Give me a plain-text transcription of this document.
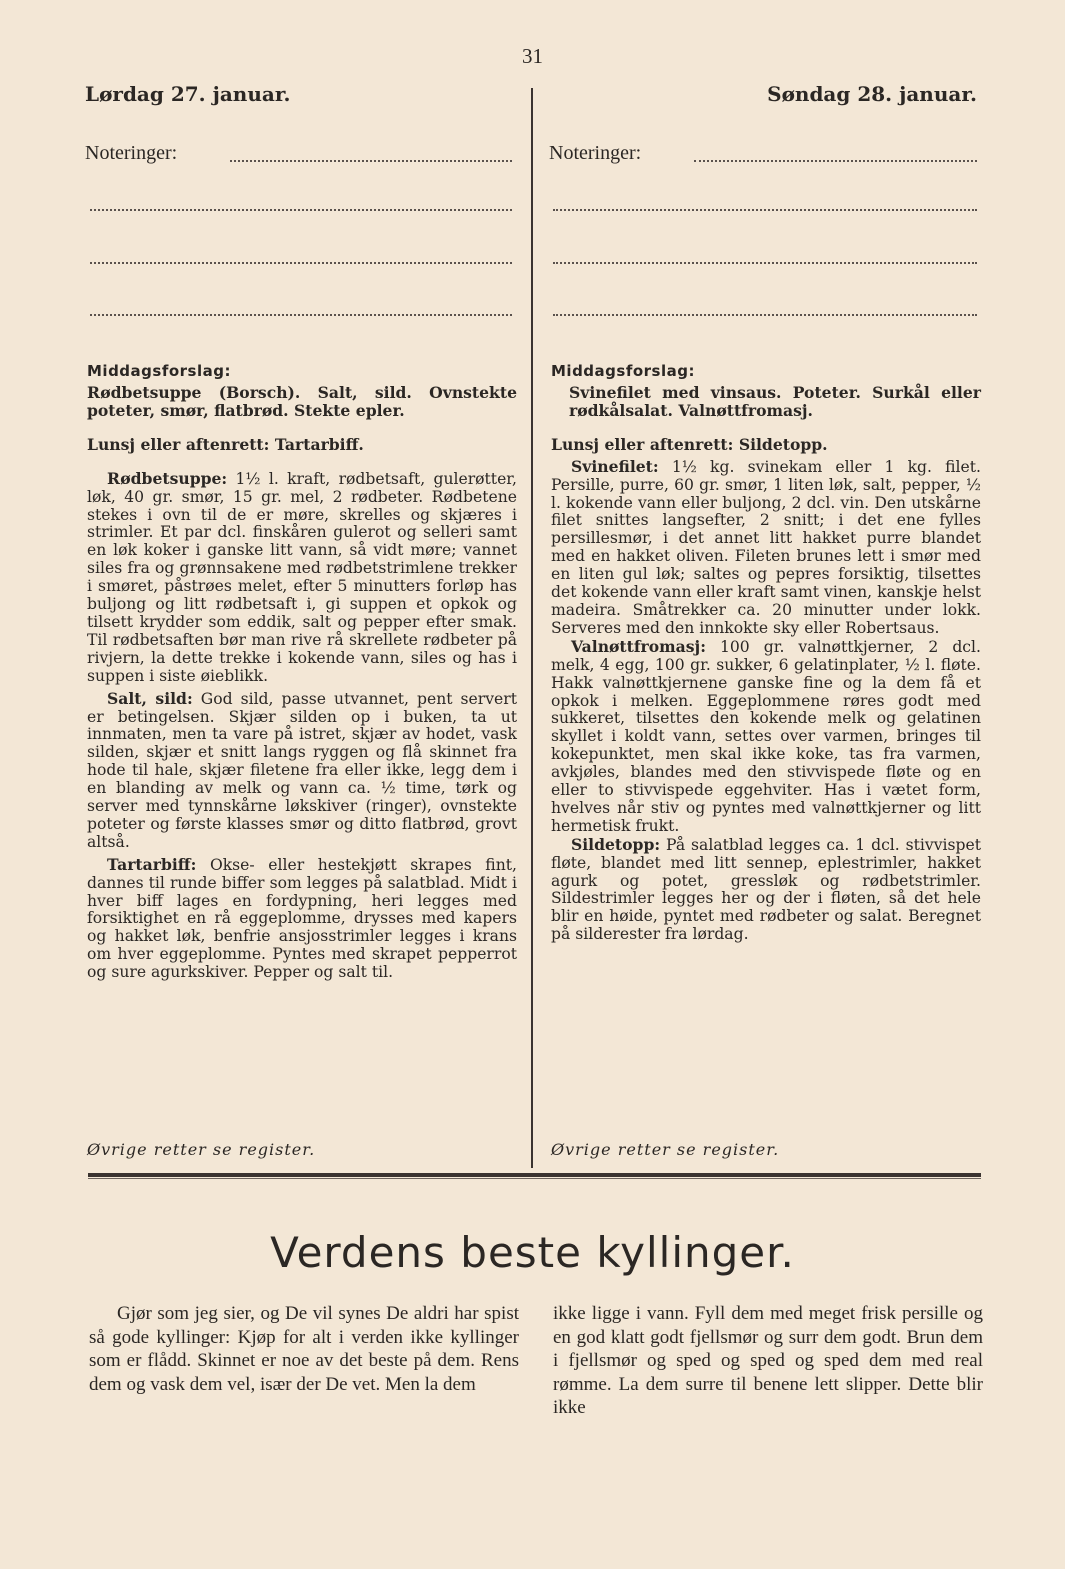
31
Lørdag 27. januar.	Søndag 28. januar.
Noteringer:	Noteringer:
Middagsforslag:

Rødbetsuppe (Borsch). Salt, sild. Ovnstekte poteter, smør, flatbrød. Stekte epler.

Lunsj eller aftenrett: Tartarbiff.

Rødbetsuppe: 1½ l. kraft, rødbetsaft, gulerøtter, løk, 40 gr. smør, 15 gr. mel, 2 rødbeter. Rødbetene stekes i ovn til de er møre, skrelles og skjæres i strimler. Et par dcl. finskåren gulerot og selleri samt en løk koker i ganske litt vann, så vidt møre; vannet siles fra og grønnsakene med rødbetstrimlene trekker i smøret, påstrøes melet, efter 5 minutters forløp has buljong og litt rødbetsaft i, gi suppen et opkok og tilsett krydder som eddik, salt og pepper efter smak. Til rødbetsaften bør man rive rå skrellete rødbeter på rivjern, la dette trekke i kokende vann, siles og has i suppen i siste øieblikk.

Salt, sild: God sild, passe utvannet, pent servert er betingelsen. Skjær silden op i buken, ta ut innmaten, men ta vare på istret, skjær av hodet, vask silden, skjær et snitt langs ryggen og flå skinnet fra hode til hale, skjær filetene fra eller ikke, legg dem i en blanding av melk og vann ca. ½ time, tørk og server med tynnskårne løkskiver (ringer), ovnstekte poteter og første klasses smør og ditto flatbrød, grovt altså.

Tartarbiff: Okse- eller hestekjøtt skrapes fint, dannes til runde biffer som legges på salatblad. Midt i hver biff lages en fordypning, heri legges med forsiktighet en rå eggeplomme, drysses med kapers og hakket løk, benfrie ansjosstrimler legges i krans om hver eggeplomme. Pyntes med skrapet pepperrot og sure agurkskiver. Pepper og salt til.

Middagsforslag:

Svinefilet med vinsaus. Poteter. Surkål eller rødkålsalat. Valnøttfromasj.

Lunsj eller aftenrett: Sildetopp.

Svinefilet: 1½ kg. svinekam eller 1 kg. filet. Persille, purre, 60 gr. smør, 1 liten løk, salt, pepper, ½ l. kokende vann eller buljong, 2 dcl. vin. Den utskårne filet snittes langsefter, 2 snitt; i det ene fylles persillesmør, i det annet litt hakket purre blandet med en hakket oliven. Fileten brunes lett i smør med en liten gul løk; saltes og pepres forsiktig, tilsettes det kokende vann eller kraft samt vinen, kanskje helst madeira. Småtrekker ca. 20 minutter under lokk. Serveres med den innkokte sky eller Robertsaus.

Valnøttfromasj: 100 gr. valnøttkjerner, 2 dcl. melk, 4 egg, 100 gr. sukker, 6 gelatinplater, ½ l. fløte. Hakk valnøttkjernene ganske fine og la dem få et opkok i melken. Eggeplommene røres godt med sukkeret, tilsettes den kokende melk og gelatinen skyllet i koldt vann, settes over varmen, bringes til kokepunktet, men skal ikke koke, tas fra varmen, avkjøles, blandes med den stivvispede fløte og en eller to stivvispede eggehviter. Has i vætet form, hvelves når stiv og pyntes med valnøttkjerner og litt hermetisk frukt.

Sildetopp: På salatblad legges ca. 1 dcl. stivvispet fløte, blandet med litt sennep, eplestrimler, hakket agurk og potet, gressløk og rødbetstrimler. Sildestrimler legges her og der i fløten, så det hele blir en høide, pyntet med rødbeter og salat. Beregnet på silderester fra lørdag.

Øvrige retter se register.	Øvrige retter se register.
Verdens beste kyllinger.
Gjør som jeg sier, og De vil synes De aldri har spist så gode kyllinger: Kjøp for alt i verden ikke kyllinger som er flådd. Skinnet er noe av det beste på dem. Rens dem og vask dem vel, især der De vet. Men la dem
ikke ligge i vann. Fyll dem med meget frisk persille og en god klatt godt fjellsmør og surr dem godt. Brun dem i fjellsmør og sped og sped og sped dem med real rømme. La dem surre til benene lett slipper. Dette blir ikke
